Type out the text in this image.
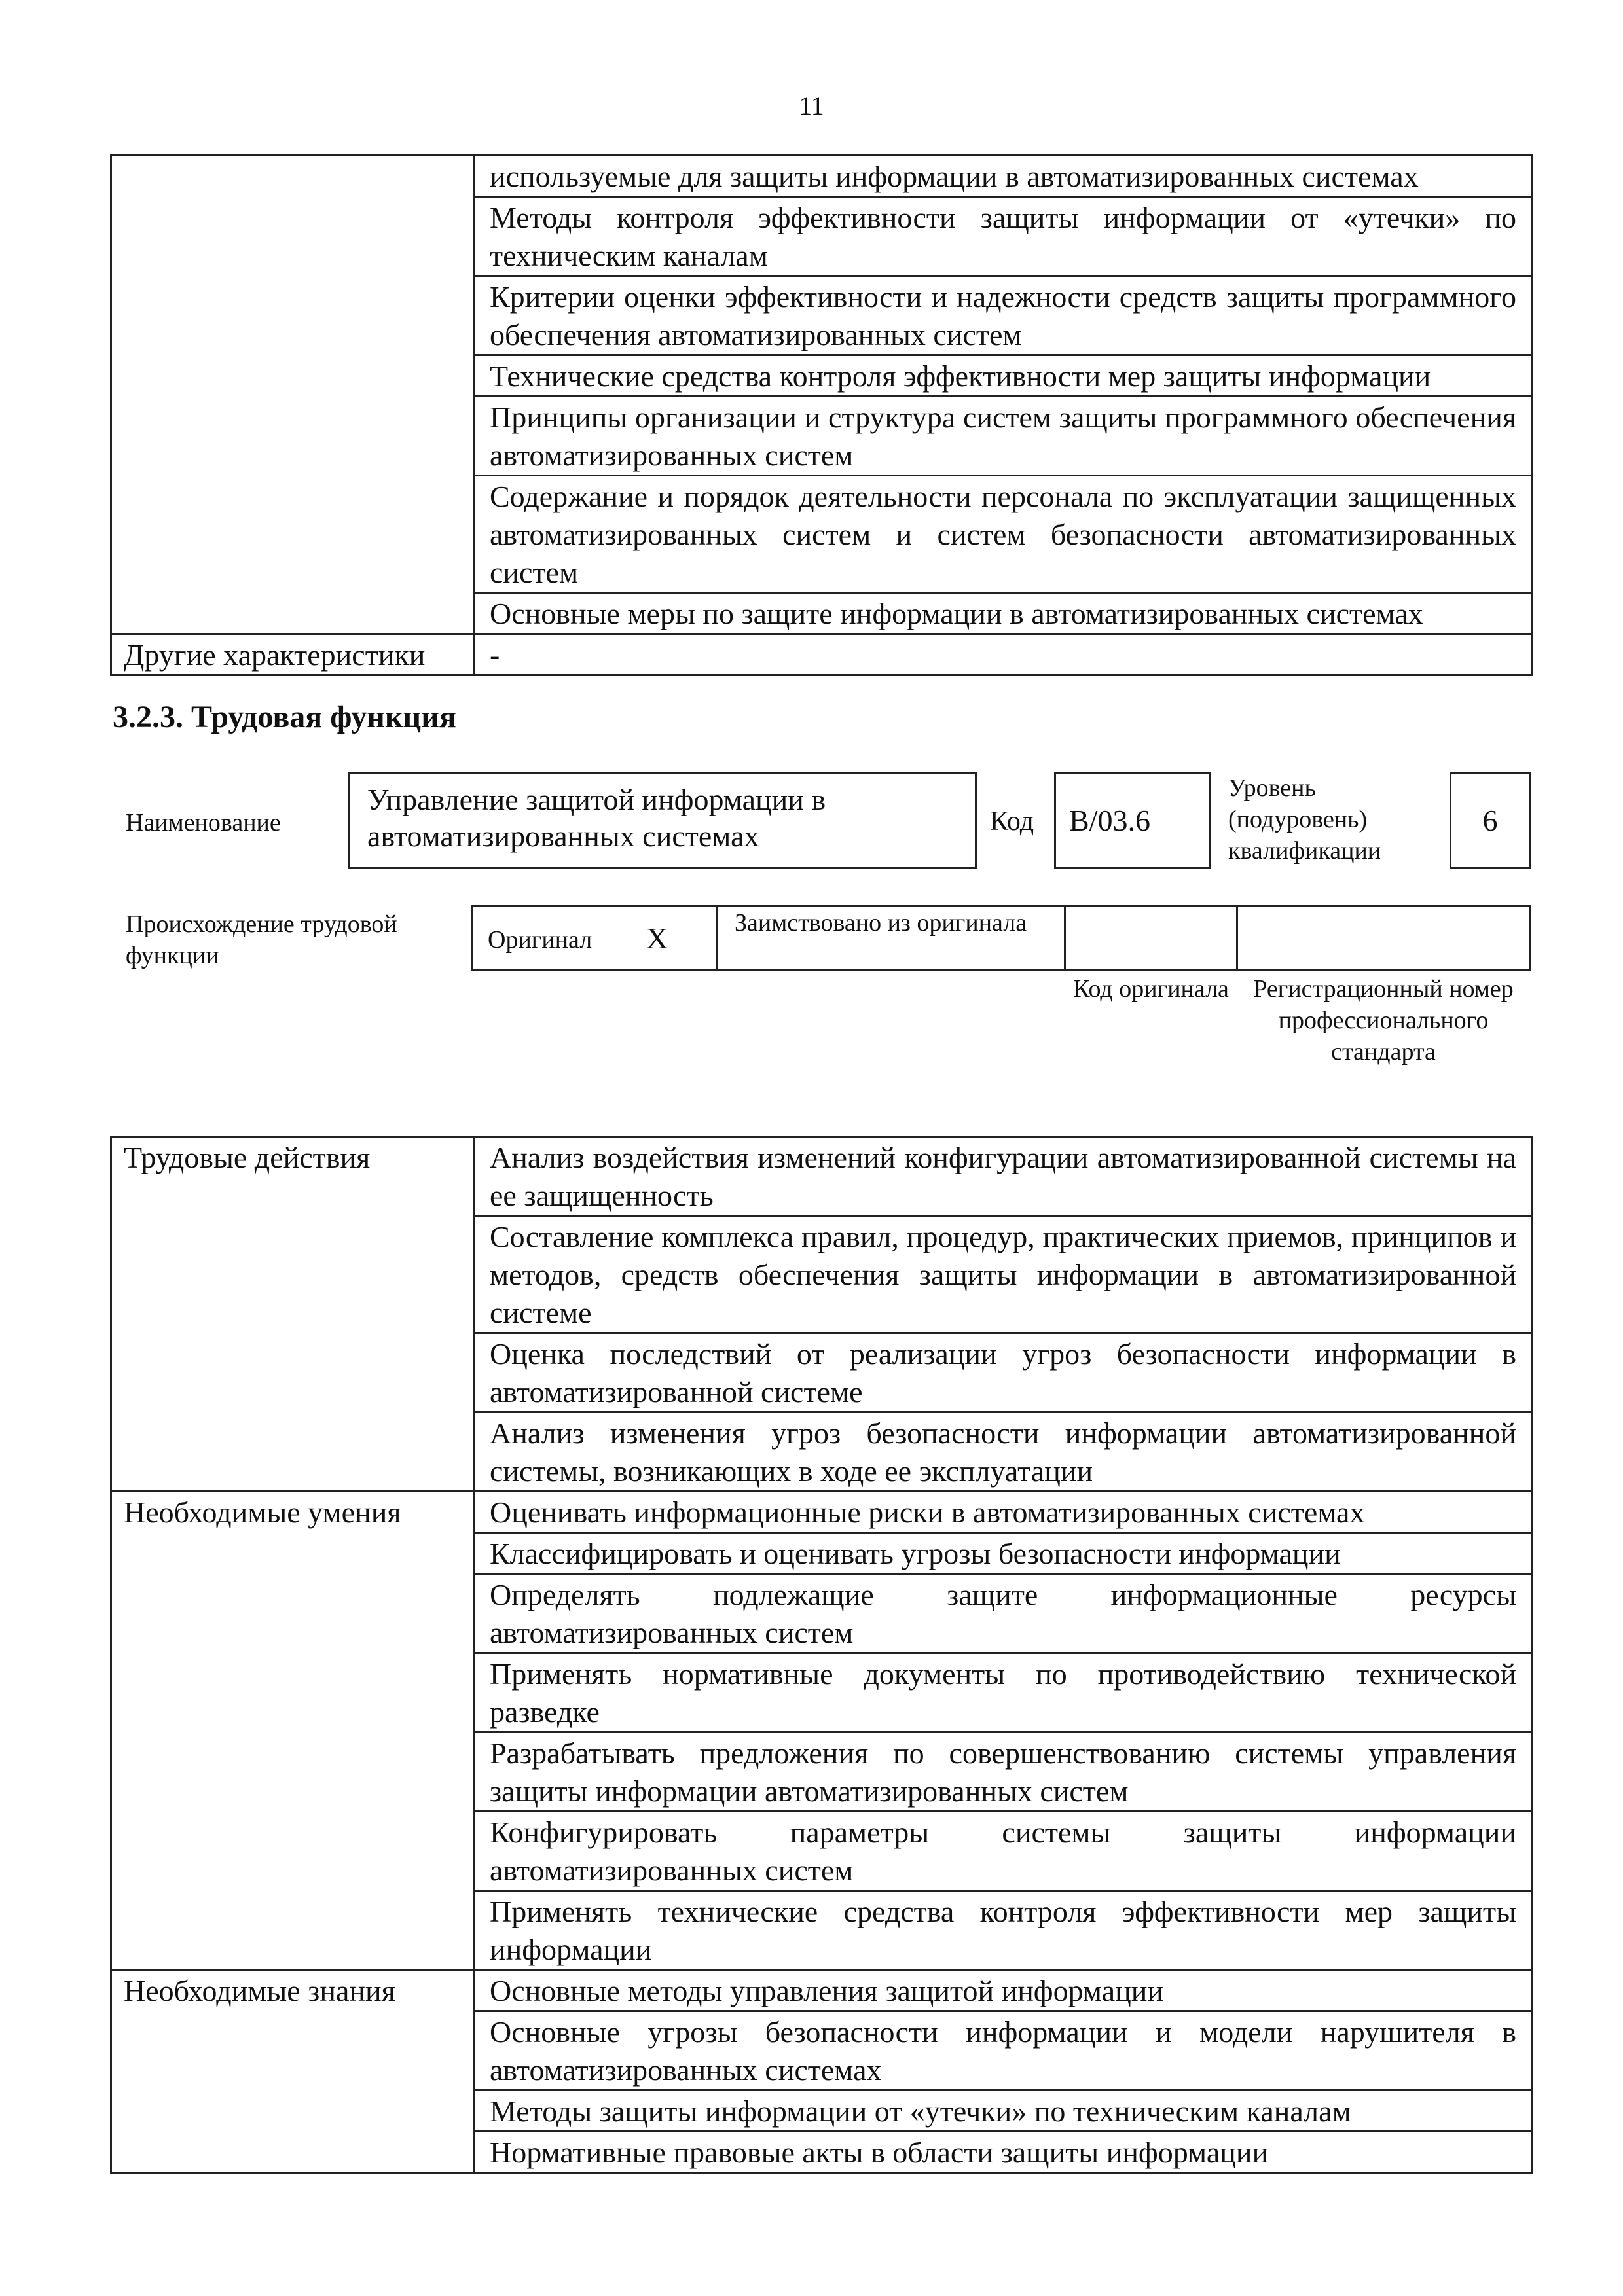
11
	используемые для защиты информации в автоматизированных системах
	Методы контроля эффективности защиты информации от «утечки» по техническим каналам
	Критерии оценки эффективности и надежности средств защиты программного обеспечения автоматизированных систем
	Технические средства контроля эффективности мер защиты информации
	Принципы организации и структура систем защиты программного обеспечения автоматизированных систем
	Содержание и порядок деятельности персонала по эксплуатации защищенных автоматизированных систем и систем безопасности автоматизированных систем
	Основные меры по защите информации в автоматизированных системах
Другие характеристики	-
3.2.3. Трудовая функция
Наименование
Управление защитой информации в автоматизированных системах	Код B/03.6
Уровень (подуровень) квалификации
6
Происхождение трудовой функции
Оригинал X	Заимствовано из оригинала
Код оригинала Регистрационный номер профессионального стандарта
Трудовые действия	Анализ воздействия изменений конфигурации автоматизированной системы на ее защищенность
	Составление комплекса правил, процедур, практических приемов, принципов и методов, средств обеспечения защиты информации в автоматизированной системе
	Оценка последствий от реализации угроз безопасности информации в автоматизированной системе
	Анализ изменения угроз безопасности информации автоматизированной системы, возникающих в ходе ее эксплуатации
Необходимые умения	Оценивать информационные риски в автоматизированных системах
	Классифицировать и оценивать угрозы безопасности информации
	Определять подлежащие защите информационные ресурсы автоматизированных систем
	Применять нормативные документы по противодействию технической разведке
	Разрабатывать предложения по совершенствованию системы управления защиты информации автоматизированных систем
	Конфигурировать параметры системы защиты информации автоматизированных систем
	Применять технические средства контроля эффективности мер защиты информации
Необходимые знания	Основные методы управления защитой информации
	Основные угрозы безопасности информации и модели нарушителя в автоматизированных системах
	Методы защиты информации от «утечки» по техническим каналам
	Нормативные правовые акты в области защиты информации
